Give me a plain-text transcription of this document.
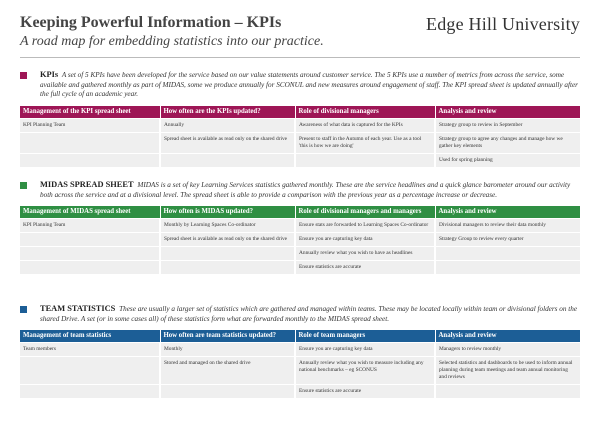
Keeping Powerful Information – KPIs
A road map for embedding statistics into our practice.
Edge Hill University
KPIs A set of 5 KPIs have been developed for the service based on our value statements around customer service. The 5 KPIs use a number of metrics from across the service, some available and gathered monthly as part of MIDAS, some we produce annually for SCONUL and new measures around engagement of staff. The KPI spread sheet is updated annually after the full cycle of an academic year.
Management of the KPI spread sheet	How often are the KPIs updated?	Role of divisional managers	Analysis and review
KPI Planning Team	Annually	Awareness of what data is captured for the KPIs	Strategy group to review in September
	Spread sheet is available as read only on the shared drive	Present to staff in the Autumn of each year. Use as a tool 'this is how we are doing'	Strategy group to agree any changes and manage how we gather key elements
			Used for spring planning
MIDAS SPREAD SHEET MIDAS is a set of key Learning Services statistics gathered monthly. These are the service headlines and a quick glance barometer around our activity both across the service and at a divisional level. The spread sheet is able to provide a comparison with the previous year as a percentage increase or decrease.
Management of MIDAS spread sheet	How often is MIDAS updated?	Role of divisional managers and managers	Analysis and review
KPI Planning Team	Monthly by Learning Spaces Co-ordinator	Ensure stats are forwarded to Learning Spaces Co-ordinator	Divisional managers to review their data monthly
	Spread sheet is available as read only on the shared drive	Ensure you are capturing key data	Strategy Group to review every quarter
		Annually review what you wish to have as headlines	
		Ensure statistics are accurate	
TEAM STATISTICS These are usually a larger set of statistics which are gathered and managed within teams. These may be located locally within team or divisional folders on the shared Drive. A set (or in some cases all) of these statistics form what are forwarded monthly to the MIDAS spread sheet.
Management of team statistics	How often are team statistics updated?	Role of team managers	Analysis and review
Team members	Monthly	Ensure you are capturing key data	Managers to review monthly
	Stored and managed on the shared drive	Annually review what you wish to measure including any national benchmarks – eg SCONUS	Selected statistics and dashboards to be used to inform annual planning during team meetings and team annual monitoring and reviews
		Ensure statistics are accurate	
